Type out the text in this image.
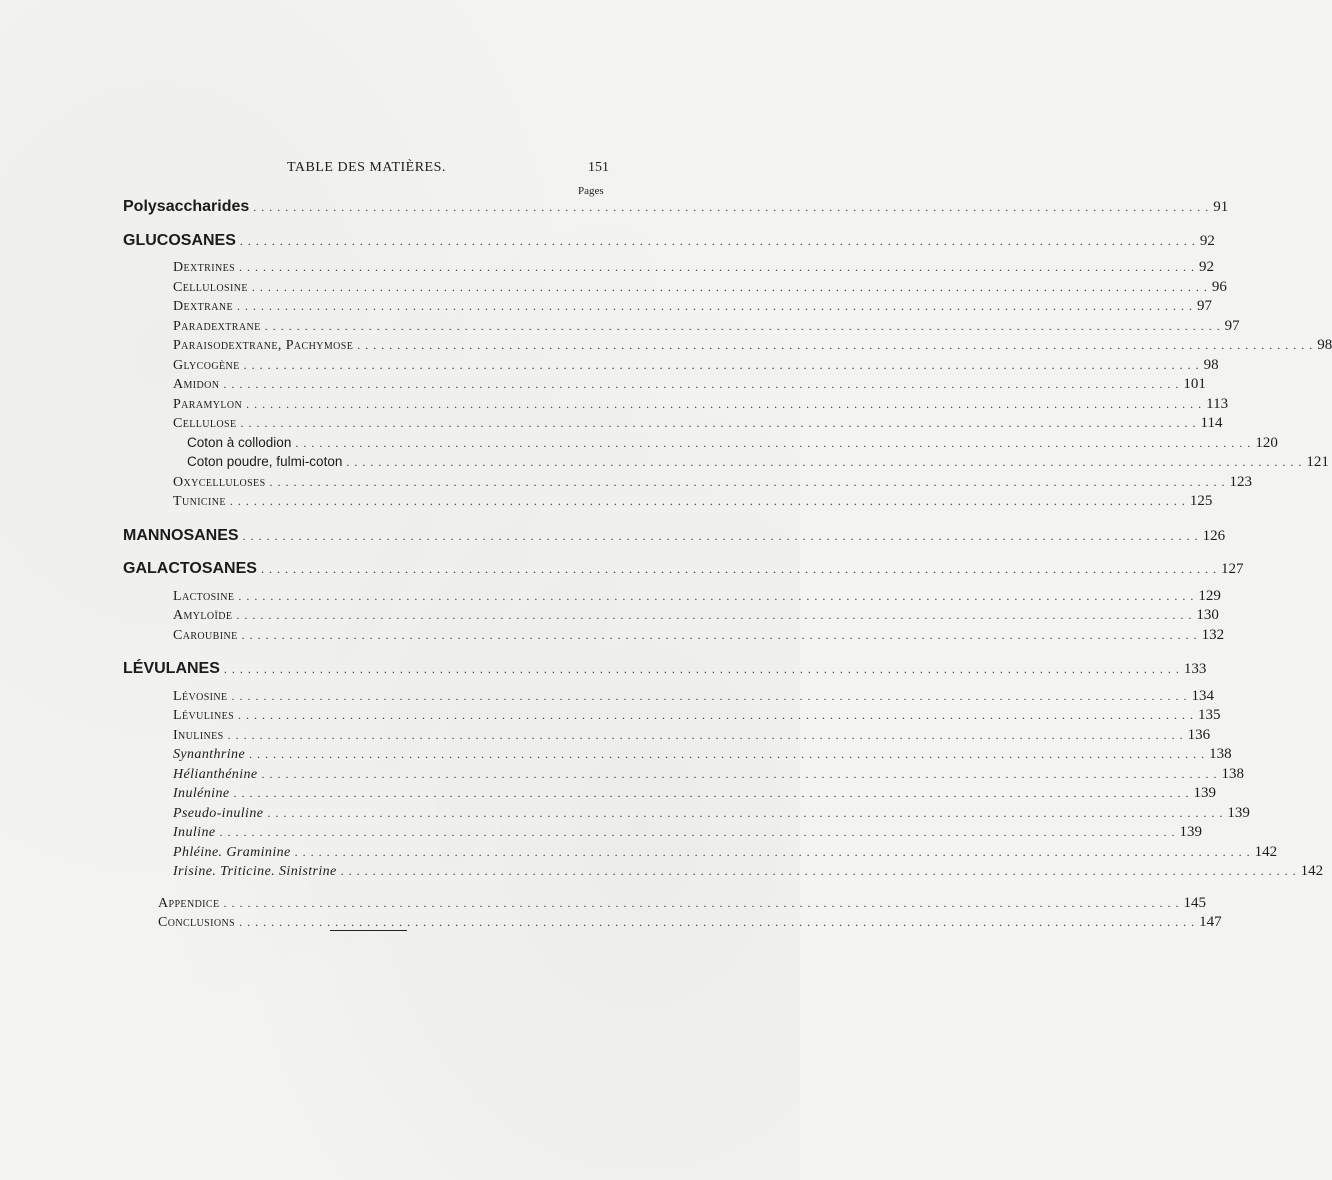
TABLE DES MATIÈRES.	151
Pages
Polysaccharides . . . . . . . . . . . . . . . . . . . . . . . . . . . . . . . . . . . . . . . . . . . . . . . . . . . . . . . . . . . . . . . . . . . . . . . . . . . . . . . . . . . . . . . . . . . . . . . . . . . . . . . . . . . . . . . . . . . . . . . . 91
GLUCOSANES . . . . . . . . . . . . . . . . . . . . . . . . . . . . . . . . . . . . . . . . . . . . . . . . . . . . . . . . . . . . . . . . . . . . . . . . . . . . . . . . . . . . . . . . . . . . . . . . . . . . . . . . . . . . . . . . . . . . . . . . 92
Dextrines . . . . . . . . . . . . . . . . . . . . . . . . . . . . . . . . . . . . . . . . . . . . . . . . . . . . . . . . . . . . . . . . . . . . . . . . . . . . . . . . . . . . . . . . . . . . . . . . . . . . . . . . . . . . . . . . . . . . . . . . 92
Cellulosine . . . . . . . . . . . . . . . . . . . . . . . . . . . . . . . . . . . . . . . . . . . . . . . . . . . . . . . . . . . . . . . . . . . . . . . . . . . . . . . . . . . . . . . . . . . . . . . . . . . . . . . . . . . . . . . . . . . . . . . . 96
Dextrane . . . . . . . . . . . . . . . . . . . . . . . . . . . . . . . . . . . . . . . . . . . . . . . . . . . . . . . . . . . . . . . . . . . . . . . . . . . . . . . . . . . . . . . . . . . . . . . . . . . . . . . . . . . . . . . . . . . . . . . . 97
Paradextrane . . . . . . . . . . . . . . . . . . . . . . . . . . . . . . . . . . . . . . . . . . . . . . . . . . . . . . . . . . . . . . . . . . . . . . . . . . . . . . . . . . . . . . . . . . . . . . . . . . . . . . . . . . . . . . . . . . . . . . . . 97
Paraisodextrane, Pachymose . . . . . . . . . . . . . . . . . . . . . . . . . . . . . . . . . . . . . . . . . . . . . . . . . . . . . . . . . . . . . . . . . . . . . . . . . . . . . . . . . . . . . . . . . . . . . . . . . . . . . . . . . . . . . . . . . . . . . . . . 98
Glycogène . . . . . . . . . . . . . . . . . . . . . . . . . . . . . . . . . . . . . . . . . . . . . . . . . . . . . . . . . . . . . . . . . . . . . . . . . . . . . . . . . . . . . . . . . . . . . . . . . . . . . . . . . . . . . . . . . . . . . . . . 98
Amidon . . . . . . . . . . . . . . . . . . . . . . . . . . . . . . . . . . . . . . . . . . . . . . . . . . . . . . . . . . . . . . . . . . . . . . . . . . . . . . . . . . . . . . . . . . . . . . . . . . . . . . . . . . . . . . . . . . . . . . . . 101
Paramylon . . . . . . . . . . . . . . . . . . . . . . . . . . . . . . . . . . . . . . . . . . . . . . . . . . . . . . . . . . . . . . . . . . . . . . . . . . . . . . . . . . . . . . . . . . . . . . . . . . . . . . . . . . . . . . . . . . . . . . . . 113
Cellulose . . . . . . . . . . . . . . . . . . . . . . . . . . . . . . . . . . . . . . . . . . . . . . . . . . . . . . . . . . . . . . . . . . . . . . . . . . . . . . . . . . . . . . . . . . . . . . . . . . . . . . . . . . . . . . . . . . . . . . . . 114
Coton à collodion . . . . . . . . . . . . . . . . . . . . . . . . . . . . . . . . . . . . . . . . . . . . . . . . . . . . . . . . . . . . . . . . . . . . . . . . . . . . . . . . . . . . . . . . . . . . . . . . . . . . . . . . . . . . . . . . . . . . . . . . 120
Coton poudre, fulmi-coton . . . . . . . . . . . . . . . . . . . . . . . . . . . . . . . . . . . . . . . . . . . . . . . . . . . . . . . . . . . . . . . . . . . . . . . . . . . . . . . . . . . . . . . . . . . . . . . . . . . . . . . . . . . . . . . . . . . . . . . . 121
Oxycelluloses . . . . . . . . . . . . . . . . . . . . . . . . . . . . . . . . . . . . . . . . . . . . . . . . . . . . . . . . . . . . . . . . . . . . . . . . . . . . . . . . . . . . . . . . . . . . . . . . . . . . . . . . . . . . . . . . . . . . . . . . 123
Tunicine . . . . . . . . . . . . . . . . . . . . . . . . . . . . . . . . . . . . . . . . . . . . . . . . . . . . . . . . . . . . . . . . . . . . . . . . . . . . . . . . . . . . . . . . . . . . . . . . . . . . . . . . . . . . . . . . . . . . . . . . 125
MANNOSANES . . . . . . . . . . . . . . . . . . . . . . . . . . . . . . . . . . . . . . . . . . . . . . . . . . . . . . . . . . . . . . . . . . . . . . . . . . . . . . . . . . . . . . . . . . . . . . . . . . . . . . . . . . . . . . . . . . . . . . . . 126
GALACTOSANES . . . . . . . . . . . . . . . . . . . . . . . . . . . . . . . . . . . . . . . . . . . . . . . . . . . . . . . . . . . . . . . . . . . . . . . . . . . . . . . . . . . . . . . . . . . . . . . . . . . . . . . . . . . . . . . . . . . . . . . . 127
Lactosine . . . . . . . . . . . . . . . . . . . . . . . . . . . . . . . . . . . . . . . . . . . . . . . . . . . . . . . . . . . . . . . . . . . . . . . . . . . . . . . . . . . . . . . . . . . . . . . . . . . . . . . . . . . . . . . . . . . . . . . . 129
Amyloïde . . . . . . . . . . . . . . . . . . . . . . . . . . . . . . . . . . . . . . . . . . . . . . . . . . . . . . . . . . . . . . . . . . . . . . . . . . . . . . . . . . . . . . . . . . . . . . . . . . . . . . . . . . . . . . . . . . . . . . . . 130
Caroubine . . . . . . . . . . . . . . . . . . . . . . . . . . . . . . . . . . . . . . . . . . . . . . . . . . . . . . . . . . . . . . . . . . . . . . . . . . . . . . . . . . . . . . . . . . . . . . . . . . . . . . . . . . . . . . . . . . . . . . . . 132
LÉVULANES . . . . . . . . . . . . . . . . . . . . . . . . . . . . . . . . . . . . . . . . . . . . . . . . . . . . . . . . . . . . . . . . . . . . . . . . . . . . . . . . . . . . . . . . . . . . . . . . . . . . . . . . . . . . . . . . . . . . . . . . 133
Lévosine . . . . . . . . . . . . . . . . . . . . . . . . . . . . . . . . . . . . . . . . . . . . . . . . . . . . . . . . . . . . . . . . . . . . . . . . . . . . . . . . . . . . . . . . . . . . . . . . . . . . . . . . . . . . . . . . . . . . . . . . 134
Lévulines . . . . . . . . . . . . . . . . . . . . . . . . . . . . . . . . . . . . . . . . . . . . . . . . . . . . . . . . . . . . . . . . . . . . . . . . . . . . . . . . . . . . . . . . . . . . . . . . . . . . . . . . . . . . . . . . . . . . . . . . 135
Inulines . . . . . . . . . . . . . . . . . . . . . . . . . . . . . . . . . . . . . . . . . . . . . . . . . . . . . . . . . . . . . . . . . . . . . . . . . . . . . . . . . . . . . . . . . . . . . . . . . . . . . . . . . . . . . . . . . . . . . . . . 136
Synanthrine . . . . . . . . . . . . . . . . . . . . . . . . . . . . . . . . . . . . . . . . . . . . . . . . . . . . . . . . . . . . . . . . . . . . . . . . . . . . . . . . . . . . . . . . . . . . . . . . . . . . . . . . . . . . . . . . . . . . . . . . 138
Hélianthénine . . . . . . . . . . . . . . . . . . . . . . . . . . . . . . . . . . . . . . . . . . . . . . . . . . . . . . . . . . . . . . . . . . . . . . . . . . . . . . . . . . . . . . . . . . . . . . . . . . . . . . . . . . . . . . . . . . . . . . . . 138
Inulénine . . . . . . . . . . . . . . . . . . . . . . . . . . . . . . . . . . . . . . . . . . . . . . . . . . . . . . . . . . . . . . . . . . . . . . . . . . . . . . . . . . . . . . . . . . . . . . . . . . . . . . . . . . . . . . . . . . . . . . . . 139
Pseudo-inuline . . . . . . . . . . . . . . . . . . . . . . . . . . . . . . . . . . . . . . . . . . . . . . . . . . . . . . . . . . . . . . . . . . . . . . . . . . . . . . . . . . . . . . . . . . . . . . . . . . . . . . . . . . . . . . . . . . . . . . . . 139
Inuline . . . . . . . . . . . . . . . . . . . . . . . . . . . . . . . . . . . . . . . . . . . . . . . . . . . . . . . . . . . . . . . . . . . . . . . . . . . . . . . . . . . . . . . . . . . . . . . . . . . . . . . . . . . . . . . . . . . . . . . . 139
Phléine. Graminine . . . . . . . . . . . . . . . . . . . . . . . . . . . . . . . . . . . . . . . . . . . . . . . . . . . . . . . . . . . . . . . . . . . . . . . . . . . . . . . . . . . . . . . . . . . . . . . . . . . . . . . . . . . . . . . . . . . . . . . . 142
Irisine. Triticine. Sinistrine . . . . . . . . . . . . . . . . . . . . . . . . . . . . . . . . . . . . . . . . . . . . . . . . . . . . . . . . . . . . . . . . . . . . . . . . . . . . . . . . . . . . . . . . . . . . . . . . . . . . . . . . . . . . . . . . . . . . . . . . 142
Appendice . . . . . . . . . . . . . . . . . . . . . . . . . . . . . . . . . . . . . . . . . . . . . . . . . . . . . . . . . . . . . . . . . . . . . . . . . . . . . . . . . . . . . . . . . . . . . . . . . . . . . . . . . . . . . . . . . . . . . . . . 145
Conclusions . . . . . . . . . . . . . . . . . . . . . . . . . . . . . . . . . . . . . . . . . . . . . . . . . . . . . . . . . . . . . . . . . . . . . . . . . . . . . . . . . . . . . . . . . . . . . . . . . . . . . . . . . . . . . . . . . . . . . . . . 147
